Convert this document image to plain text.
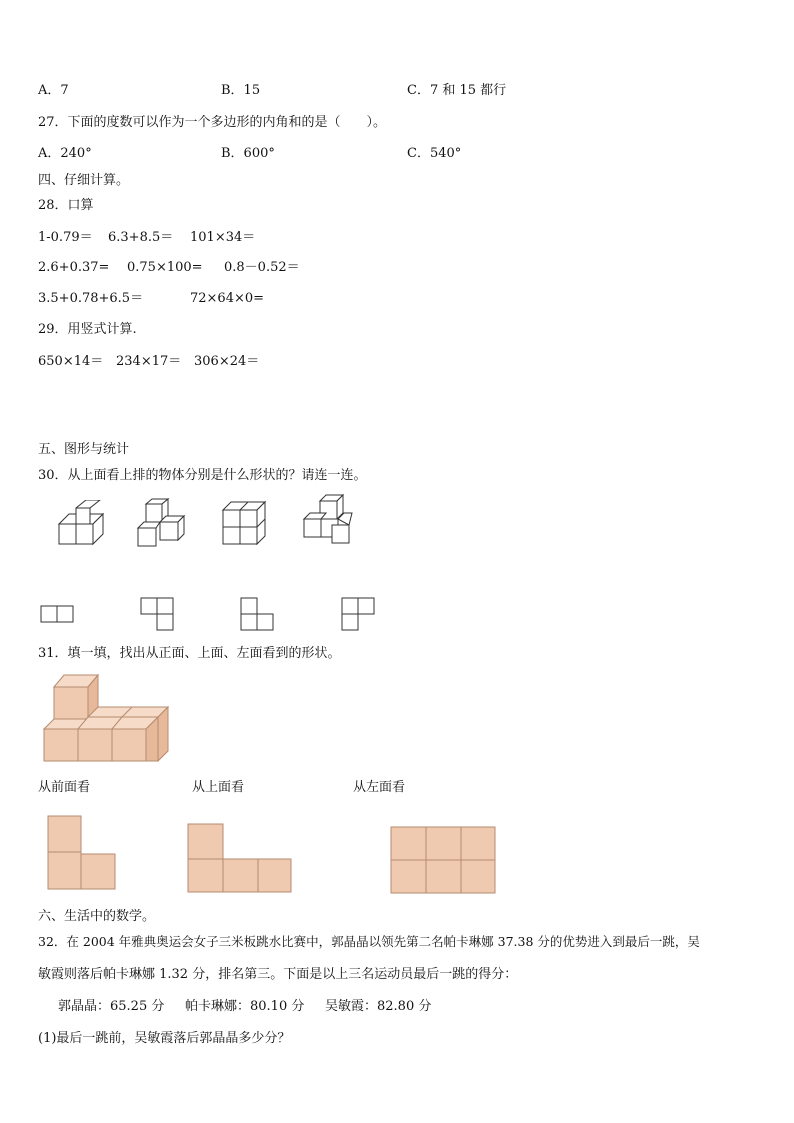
A．7	B．15	C．7 和 15 都行
27．下面的度数可以作为一个多边形的内角和的是（　　）。
A．240°	B．600°	C．540°
四、仔细计算。
28．口算
1-0.79＝ 6.3+8.5＝ 101×34＝
2.6+0.37= 0.75×100= 0.8－0.52＝
3.5+0.78+6.5＝	72×64×0=
29．用竖式计算.
650×14＝ 234×17＝ 306×24＝
五、图形与统计
30．从上面看上排的物体分别是什么形状的？请连一连。
31．填一填，找出从正面、上面、左面看到的形状。
从前面看	从上面看	从左面看
六、生活中的数学。
32．在 2004 年雅典奥运会女子三米板跳水比赛中，郭晶晶以领先第二名帕卡琳娜 37.38 分的优势进入到最后一跳，吴
敏霞则落后帕卡琳娜 1.32 分，排名第三。下面是以上三名运动员最后一跳的得分：
郭晶晶：65.25 分 帕卡琳娜：80.10 分 吴敏霞：82.80 分
(1)最后一跳前，吴敏霞落后郭晶晶多少分？
